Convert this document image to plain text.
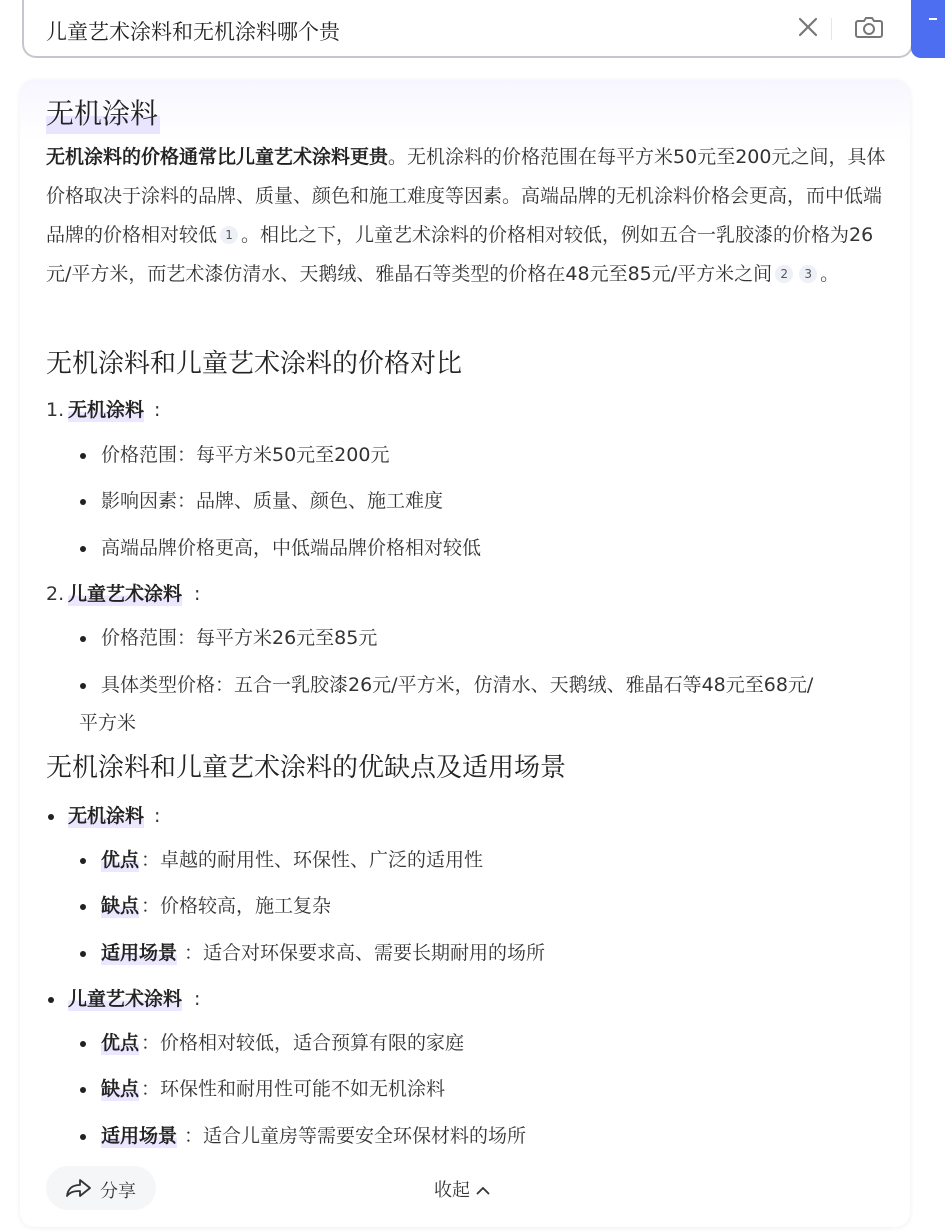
儿童艺术涂料和无机涂料哪个贵
无机涂料
无机涂料的价格通常比儿童艺术涂料更贵。无机涂料的价格范围在每平方米50元至200元之间，具体价格取决于涂料的品牌、质量、颜色和施工难度等因素。高端品牌的无机涂料价格会更高，而中低端品牌的价格相对较低 1 。相比之下，儿童艺术涂料的价格相对较低，例如五合一乳胶漆的价格为26元/平方米，而艺术漆仿清水、天鹅绒、雅晶石等类型的价格在48元至85元/平方米之间 2 3 。
无机涂料和儿童艺术涂料的价格对比
1. 无机涂料 :
价格范围：每平方米50元至200元
影响因素：品牌、质量、颜色、施工难度
高端品牌价格更高，中低端品牌价格相对较低
2. 儿童艺术涂料 :
价格范围：每平方米26元至85元
具体类型价格：五合一乳胶漆26元/平方米，仿清水、天鹅绒、雅晶石等48元至68元/
平方米
无机涂料和儿童艺术涂料的优缺点及适用场景
无机涂料 :
优点 ：卓越的耐用性、环保性、广泛的适用性
缺点 ：价格较高，施工复杂
适用场景 ：适合对环保要求高、需要长期耐用的场所
儿童艺术涂料 :
优点 ：价格相对较低，适合预算有限的家庭
缺点 ：环保性和耐用性可能不如无机涂料
适用场景 ：适合儿童房等需要安全环保材料的场所
分享	收起
